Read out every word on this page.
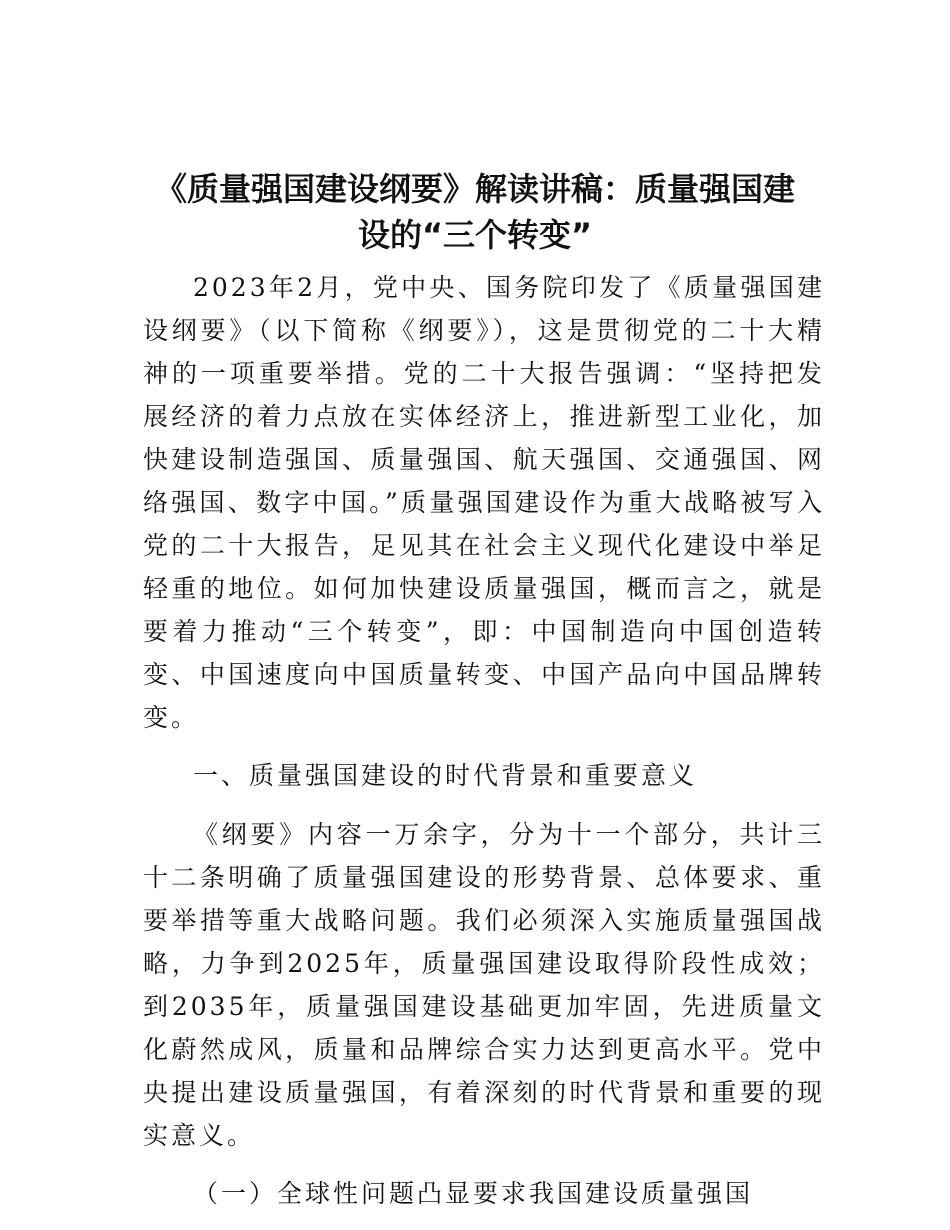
《质量强国建设纲要》解读讲稿：质量强国建
设的“三个转变”

2023年2月，党中央、国务院印发了《质量强国建设纲要》（以下简称《纲要》），这是贯彻党的二十大精神的一项重要举措。党的二十大报告强调：“坚持把发展经济的着力点放在实体经济上，推进新型工业化，加快建设制造强国、质量强国、航天强国、交通强国、网络强国、数字中国。”质量强国建设作为重大战略被写入党的二十大报告，足见其在社会主义现代化建设中举足轻重的地位。如何加快建设质量强国，概而言之，就是要着力推动“三个转变”，即：中国制造向中国创造转变、中国速度向中国质量转变、中国产品向中国品牌转变。

一、质量强国建设的时代背景和重要意义

《纲要》内容一万余字，分为十一个部分，共计三十二条明确了质量强国建设的形势背景、总体要求、重要举措等重大战略问题。我们必须深入实施质量强国战略，力争到2025年，质量强国建设取得阶段性成效；到2035年，质量强国建设基础更加牢固，先进质量文化蔚然成风，质量和品牌综合实力达到更高水平。党中央提出建设质量强国，有着深刻的时代背景和重要的现实意义。

（一）全球性问题凸显要求我国建设质量强国
